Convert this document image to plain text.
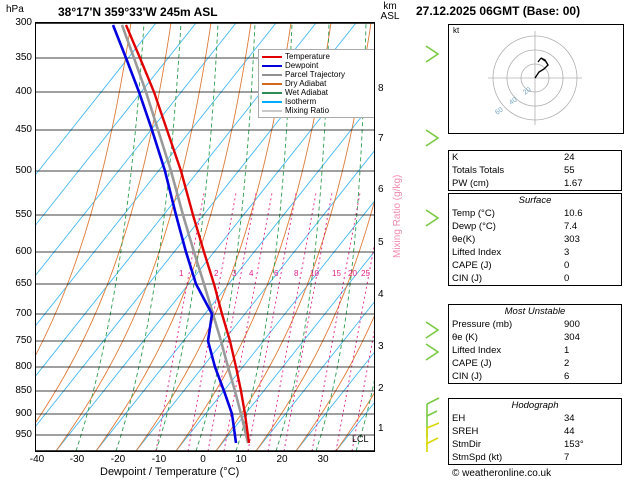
hPa	38°17'N 359°33'W 245m ASL	km
ASL 27.12.2025 06GMT (Base: 00)
1	2 3 4	6 8 10 15 20 25
Temperature
Dewpoint
Parcel Trajectory
Dry Adiabat
Wet Adiabat
Isotherm
Mixing Ratio
300
350
400
450
500
550
600
650
700
750
800
850
900
950
8
7
6
5
4
3
2
1
LCL
Mixing Ratio (g/kg)
-40	-30	-20	-10	0	10	20	30
Dewpoint / Temperature (°C)
kt
20
40
60
K	24
Totals Totals	55
PW (cm)	1.67
Surface	
Temp (°C)	10.6
Dewp (°C)	7.4
θe(K)	303
Lifted Index	3
CAPE (J)	0
CIN (J)	0
Most Unstable	
Pressure (mb)	900
θe (K)	304
Lifted Index	1
CAPE (J)	2
CIN (J)	6
Hodograph	
EH	34
SREH	44
StmDir	153°
StmSpd (kt)	7
© weatheronline.co.uk
